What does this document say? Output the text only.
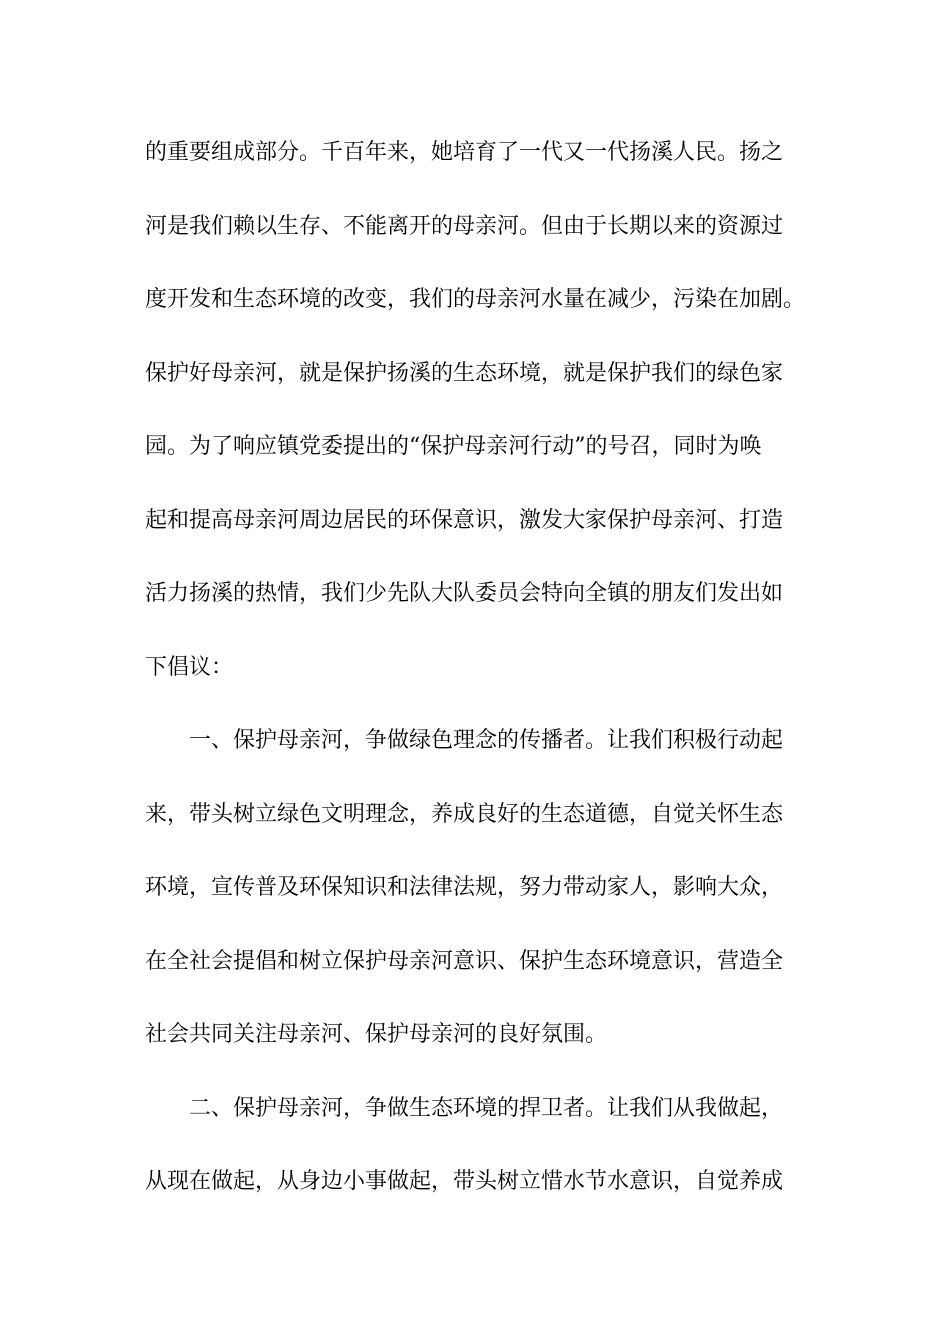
的重要组成部分。千百年来，她培育了一代又一代扬溪人民。扬之
河是我们赖以生存、不能离开的母亲河。但由于长期以来的资源过
度开发和生态环境的改变，我们的母亲河水量在减少，污染在加剧。
保护好母亲河，就是保护扬溪的生态环境，就是保护我们的绿色家
园。为了响应镇党委提出的“保护母亲河行动”的号召，同时为唤
起和提高母亲河周边居民的环保意识，激发大家保护母亲河、打造
活力扬溪的热情，我们少先队大队委员会特向全镇的朋友们发出如
下倡议：
一、保护母亲河，争做绿色理念的传播者。让我们积极行动起
来，带头树立绿色文明理念，养成良好的生态道德，自觉关怀生态
环境，宣传普及环保知识和法律法规，努力带动家人，影响大众，
在全社会提倡和树立保护母亲河意识、保护生态环境意识，营造全
社会共同关注母亲河、保护母亲河的良好氛围。
二、保护母亲河，争做生态环境的捍卫者。让我们从我做起，
从现在做起，从身边小事做起，带头树立惜水节水意识，自觉养成
